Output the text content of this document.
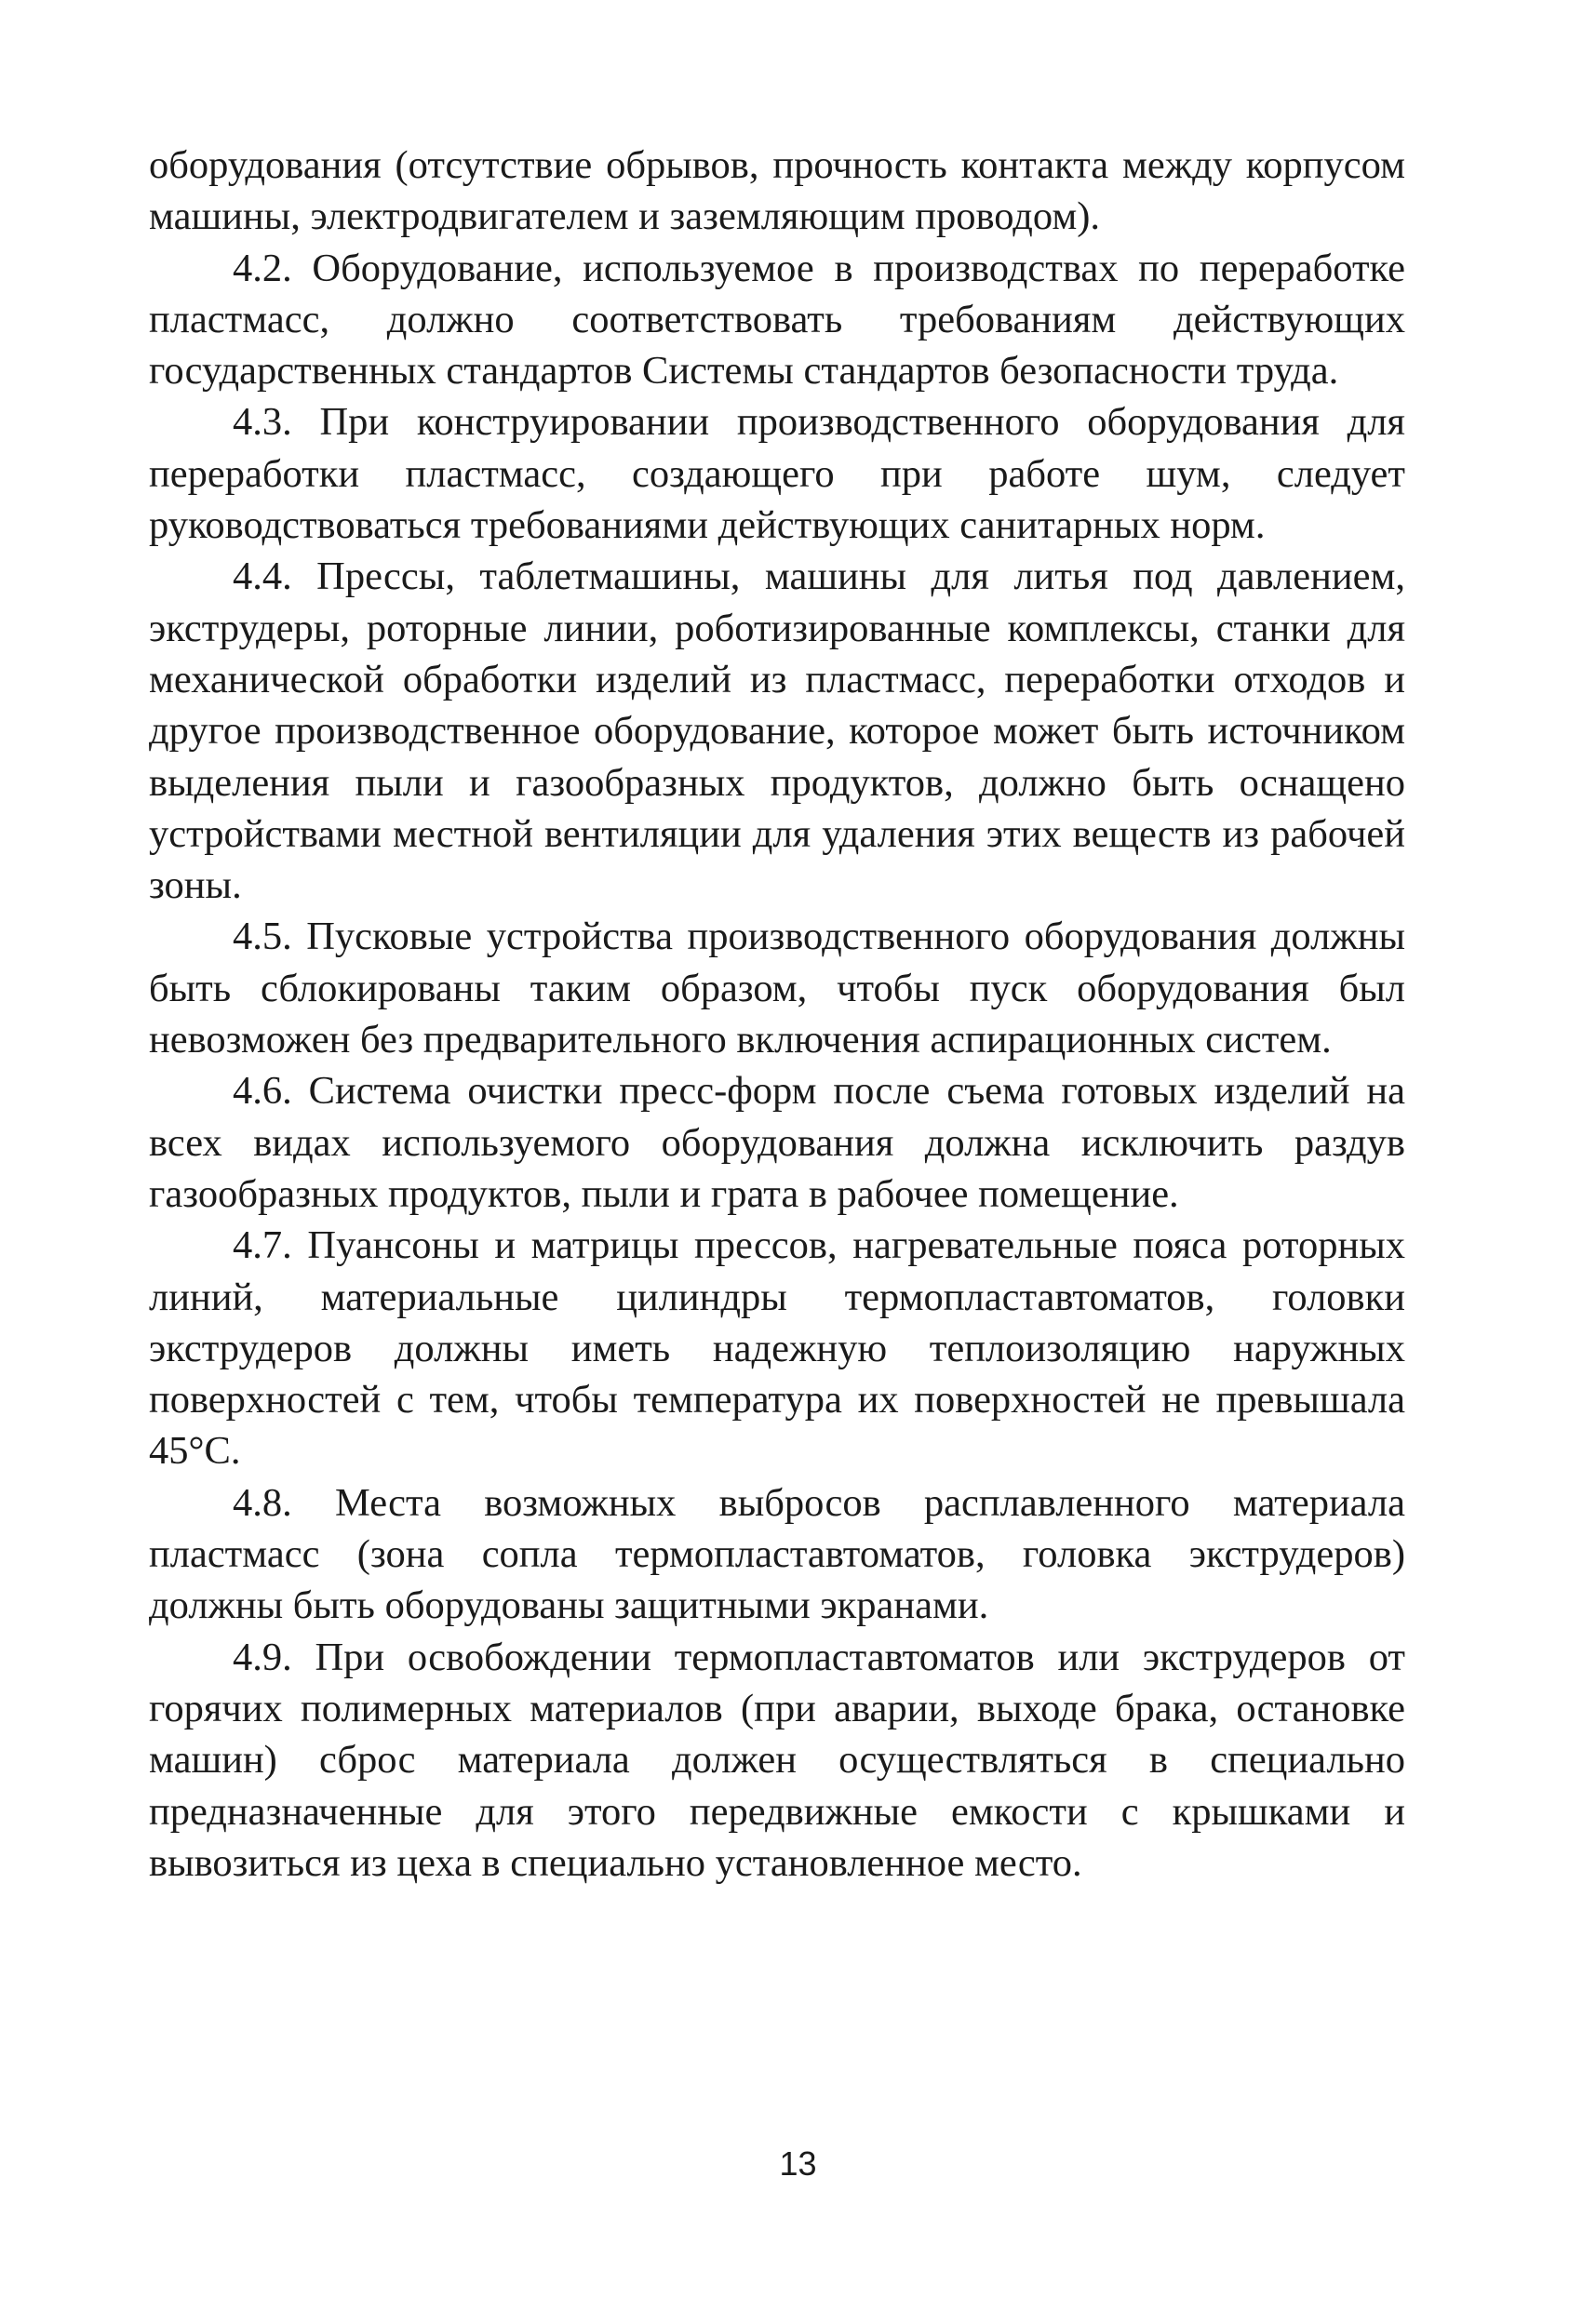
оборудования (отсутствие обрывов, прочность контакта между корпусом машины, электродвигателем и заземляющим проводом).

4.2. Оборудование, используемое в производствах по переработке пластмасс, должно соответствовать требованиям действующих государственных стандартов Системы стандартов безопасности труда.

4.3. При конструировании производственного оборудования для переработки пластмасс, создающего при работе шум, следует руководствоваться требованиями действующих санитарных норм.

4.4. Прессы, таблетмашины, машины для литья под давлением, экструдеры, роторные линии, роботизированные комплексы, станки для механической обработки изделий из пластмасс, переработки отходов и другое производственное оборудование, которое может быть источником выделения пыли и газообразных продуктов, должно быть оснащено устройствами местной вентиляции для удаления этих веществ из рабочей зоны.

4.5. Пусковые устройства производственного оборудования должны быть сблокированы таким образом, чтобы пуск оборудования был невозможен без предварительного включения аспирационных систем.

4.6. Система очистки пресс-форм после съема готовых изделий на всех видах используемого оборудования должна исключить раздув газообразных продуктов, пыли и грата в рабочее помещение.

4.7. Пуансоны и матрицы прессов, нагревательные пояса роторных линий, материальные цилиндры термопластавтоматов, головки экструдеров должны иметь надежную теплоизоляцию наружных поверхностей с тем, чтобы температура их поверхностей не превышала 45°С.

4.8. Места возможных выбросов расплавленного материала пластмасс (зона сопла термопластавтоматов, головка экструдеров) должны быть оборудованы защитными экранами.

4.9. При освобождении термопластавтоматов или экструдеров от горячих полимерных материалов (при аварии, выходе брака, остановке машин) сброс материала должен осуществляться в специально предназначенные для этого передвижные емкости с крышками и вывозиться из цеха в специально установленное место.

13
